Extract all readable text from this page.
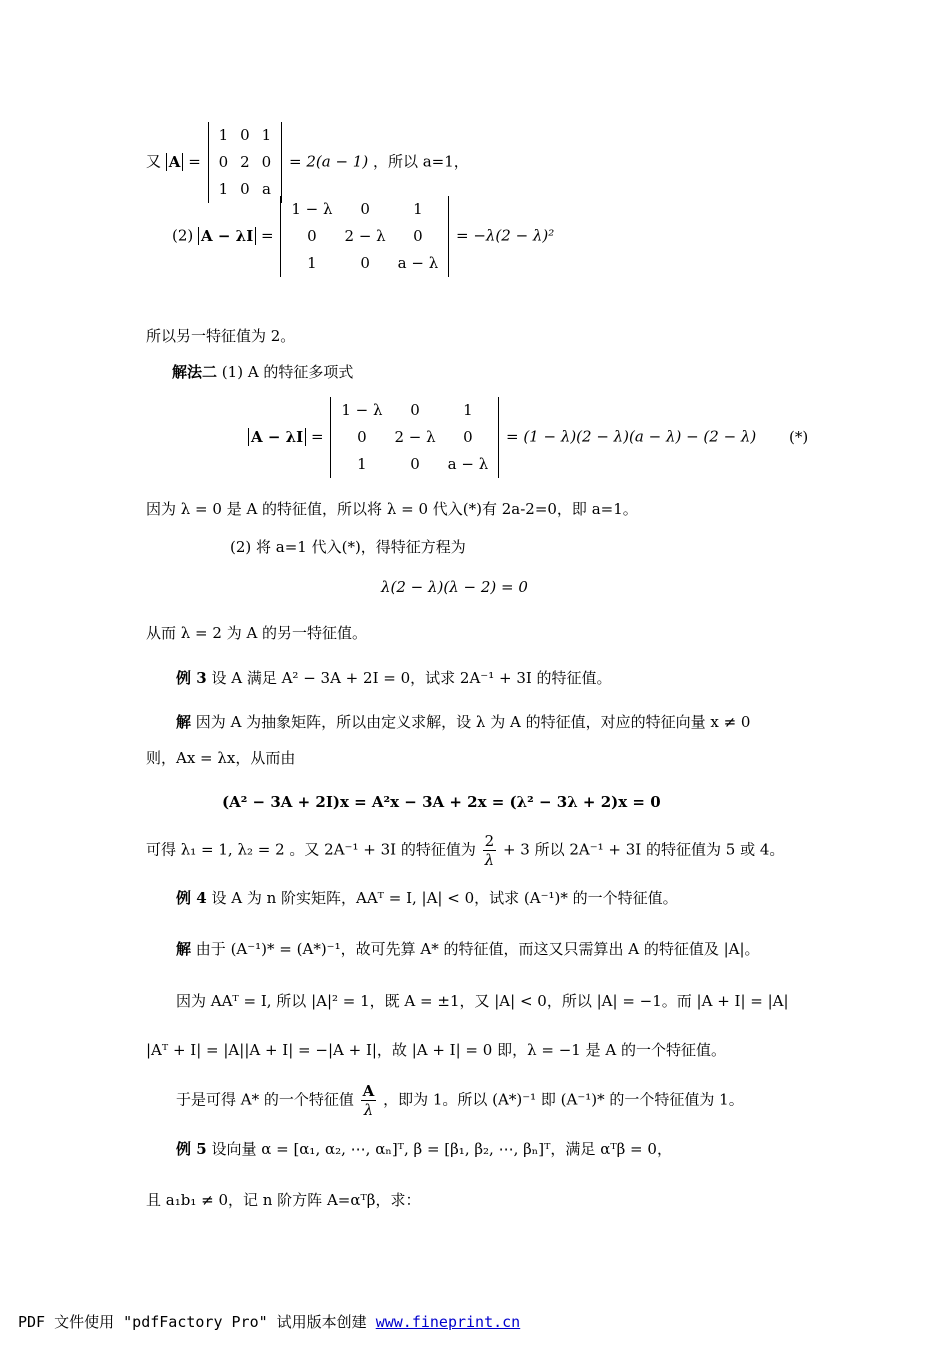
又 A =
1	0	1
0	2	0
1	0	a
= 2(a − 1) ，所以 a=1，
(2) A − λI =
1 − λ	0	1
0	2 − λ	0
1	0	a − λ
= −λ(2 − λ)²
所以另一特征值为 2。
解法二 (1) A 的特征多项式
A − λI =
1 − λ	0	1
0	2 − λ	0
1	0	a − λ
= (1 − λ)(2 − λ)(a − λ) − (2 − λ) (*)
因为 λ = 0 是 A 的特征值，所以将 λ = 0 代入(*)有 2a-2=0，即 a=1。
(2) 将 a=1 代入(*)，得特征方程为
λ(2 − λ)(λ − 2) = 0
从而 λ = 2 为 A 的另一特征值。
例 3 设 A 满足 A² − 3A + 2I = 0，试求 2A⁻¹ + 3I 的特征值。
解 因为 A 为抽象矩阵，所以由定义求解，设 λ 为 A 的特征值，对应的特征向量 x ≠ 0
则，Ax = λx，从而由
(A² − 3A + 2I)x = A²x − 3A + 2x = (λ² − 3λ + 2)x = 0
可得 λ₁ = 1, λ₂ = 2 。又 2A⁻¹ + 3I 的特征值为 $\frac{2}{\lambda} + 3$ 所以 2A⁻¹ + 3I 的特征值为 5 或 4。
例 4 设 A 为 n 阶实矩阵，AAᵀ = I, |A| < 0，试求 (A⁻¹)* 的一个特征值。
解 由于 (A⁻¹)* = (A*)⁻¹，故可先算 A* 的特征值，而这又只需算出 A 的特征值及 |A|。
因为 AAᵀ = I, 所以 |A|² = 1，既 A = ±1，又 |A| < 0，所以 |A| = −1。而 |A + I| = |A|
|Aᵀ + I| = |A||A + I| = −|A + I|，故 |A + I| = 0 即，λ = −1 是 A 的一个特征值。
于是可得 A* 的一个特征值 $\frac{A}{\lambda}$ ，即为 1。所以 (A*)⁻¹ 即 (A⁻¹)* 的一个特征值为 1。
例 5 设向量 α = [α₁, α₂, ⋯, αₙ]ᵀ, β = [β₁, β₂, ⋯, βₙ]ᵀ，满足 αᵀβ = 0，
且 a₁b₁ ≠ 0，记 n 阶方阵 A=αᵀβ，求：
PDF 文件使用 "pdfFactory Pro" 试用版本创建 www.fineprint.cn
